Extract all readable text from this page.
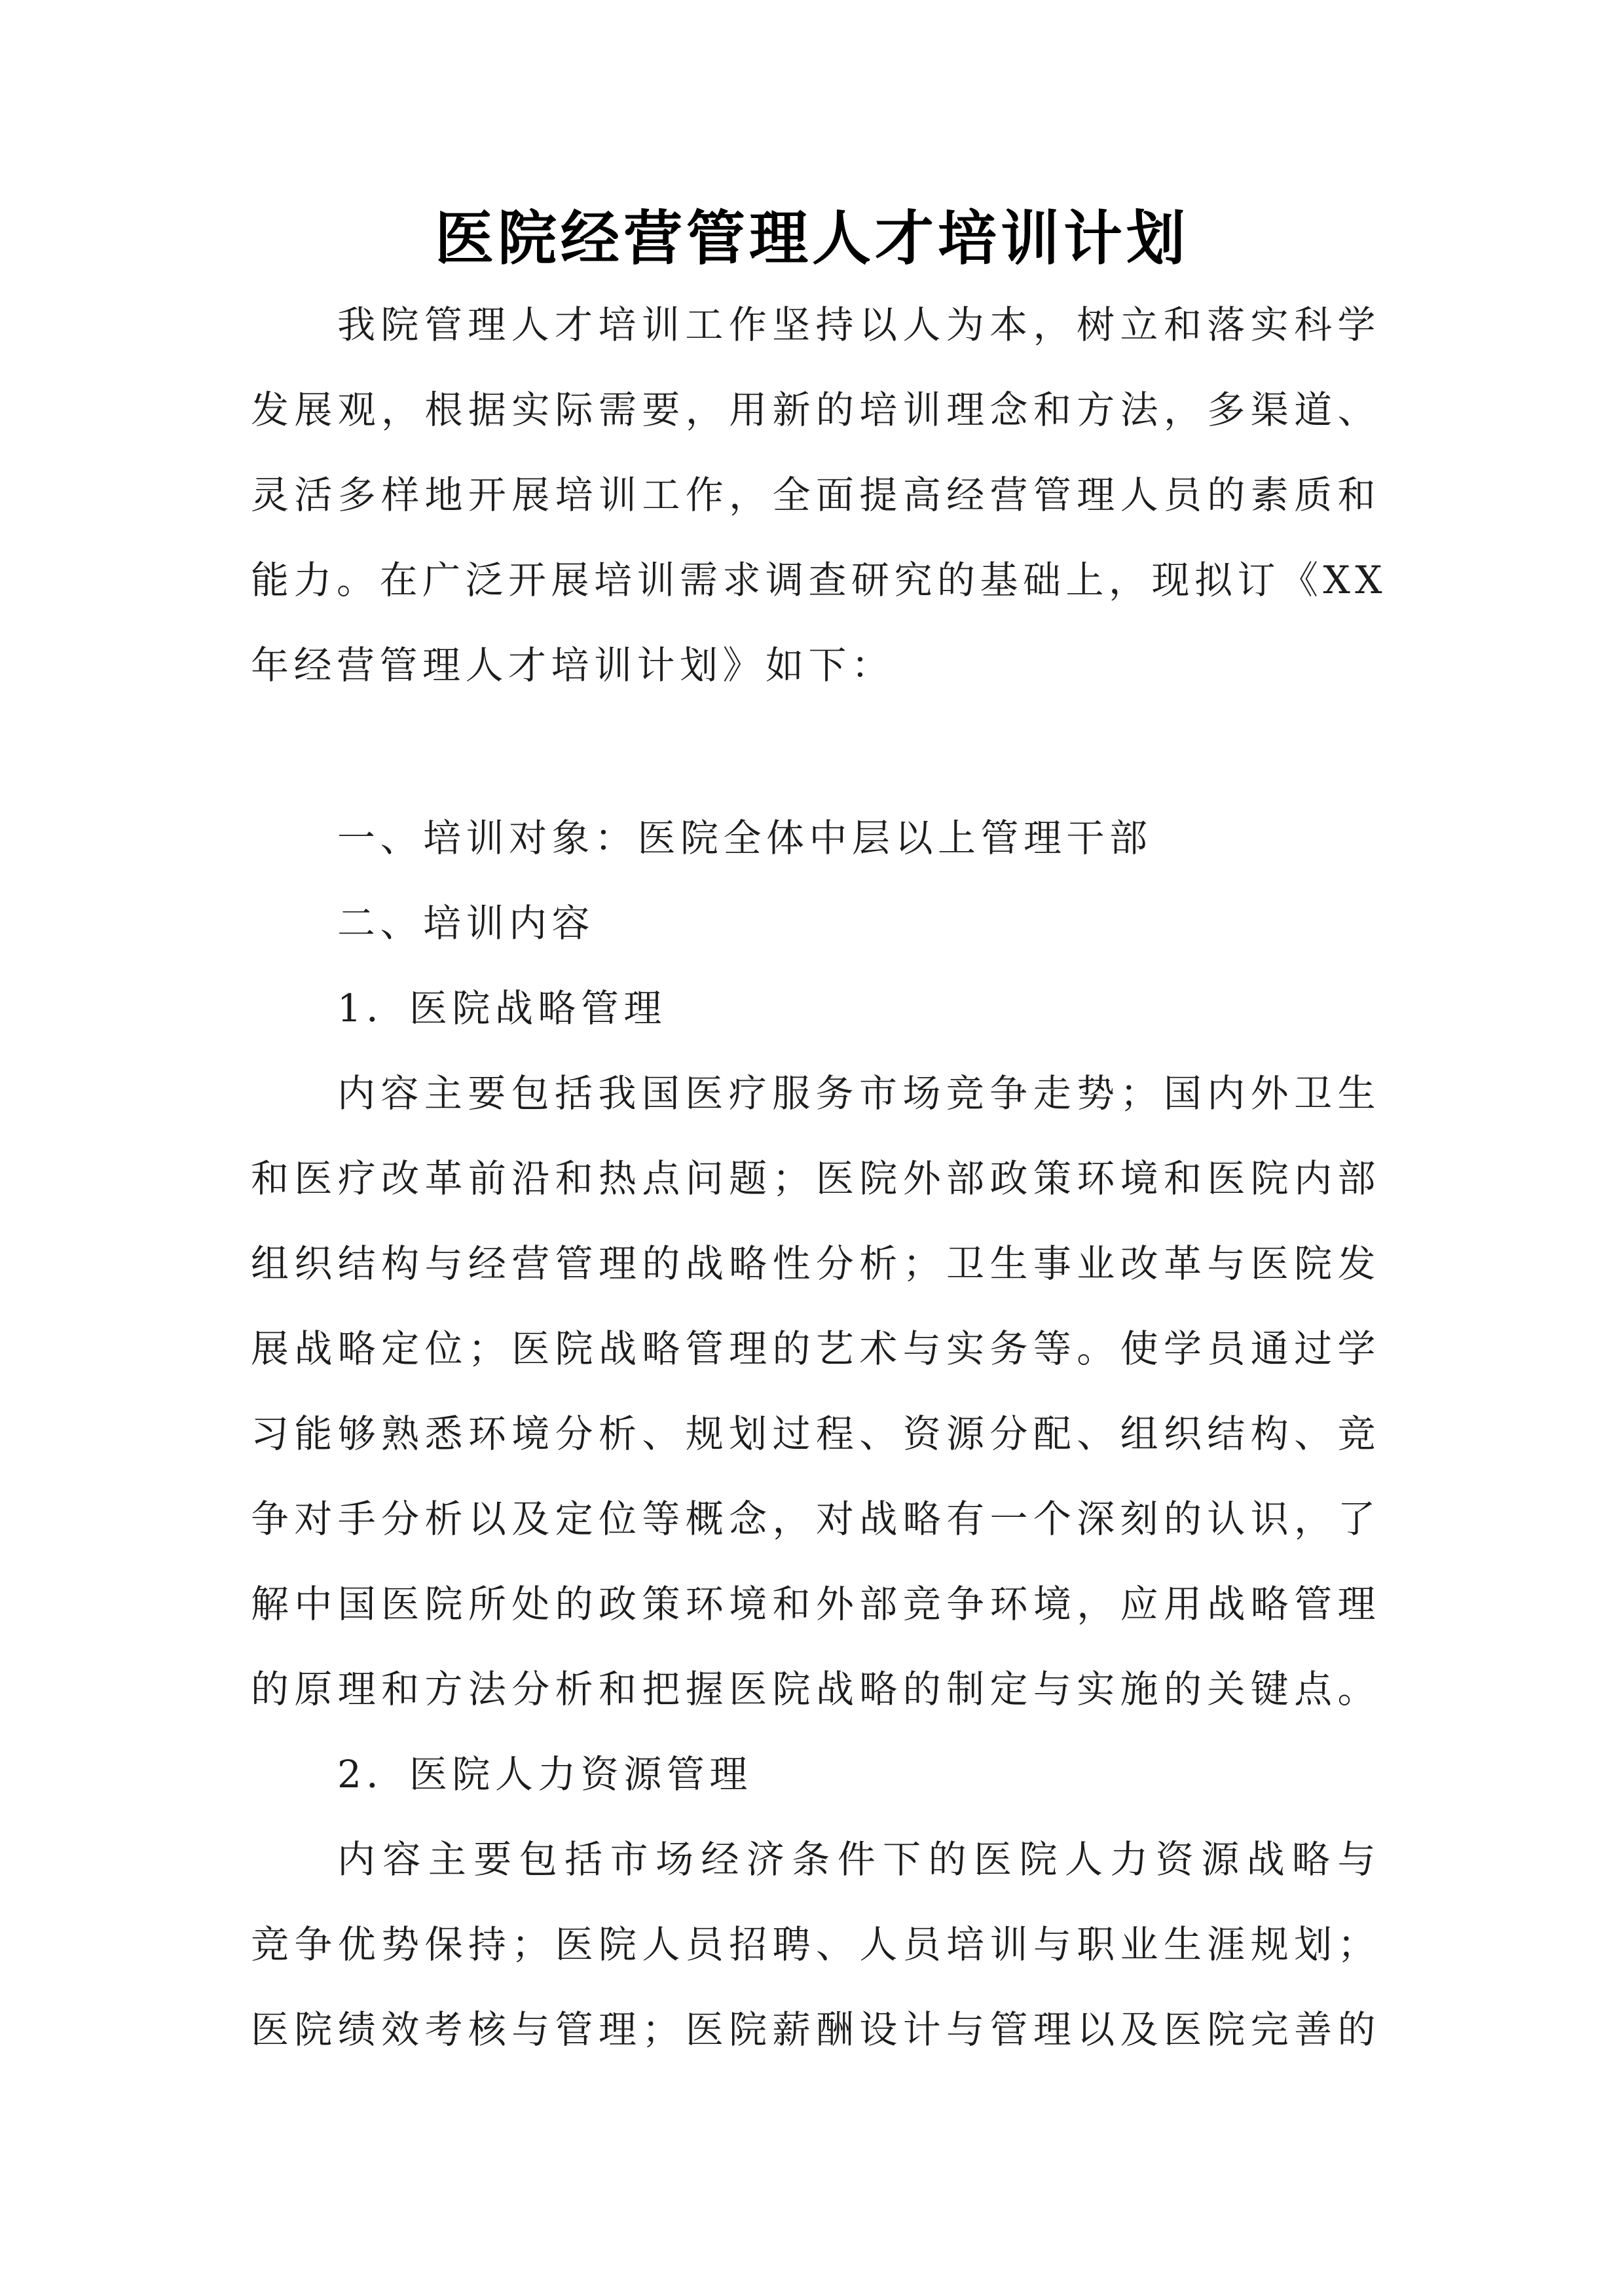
医院经营管理人才培训计划
我院管理人才培训工作坚持以人为本，树立和落实科学
发展观，根据实际需要，用新的培训理念和方法，多渠道、
灵活多样地开展培训工作，全面提高经营管理人员的素质和
能力。在广泛开展培训需求调查研究的基础上，现拟订《XX
年经营管理人才培训计划》如下：
一、培训对象：医院全体中层以上管理干部
二、培训内容
1．医院战略管理
内容主要包括我国医疗服务市场竞争走势；国内外卫生
和医疗改革前沿和热点问题；医院外部政策环境和医院内部
组织结构与经营管理的战略性分析；卫生事业改革与医院发
展战略定位；医院战略管理的艺术与实务等。使学员通过学
习能够熟悉环境分析、规划过程、资源分配、组织结构、竞
争对手分析以及定位等概念，对战略有一个深刻的认识，了
解中国医院所处的政策环境和外部竞争环境，应用战略管理
的原理和方法分析和把握医院战略的制定与实施的关键点。
2．医院人力资源管理
内容主要包括市场经济条件下的医院人力资源战略与
竞争优势保持；医院人员招聘、人员培训与职业生涯规划；
医院绩效考核与管理；医院薪酬设计与管理以及医院完善的
